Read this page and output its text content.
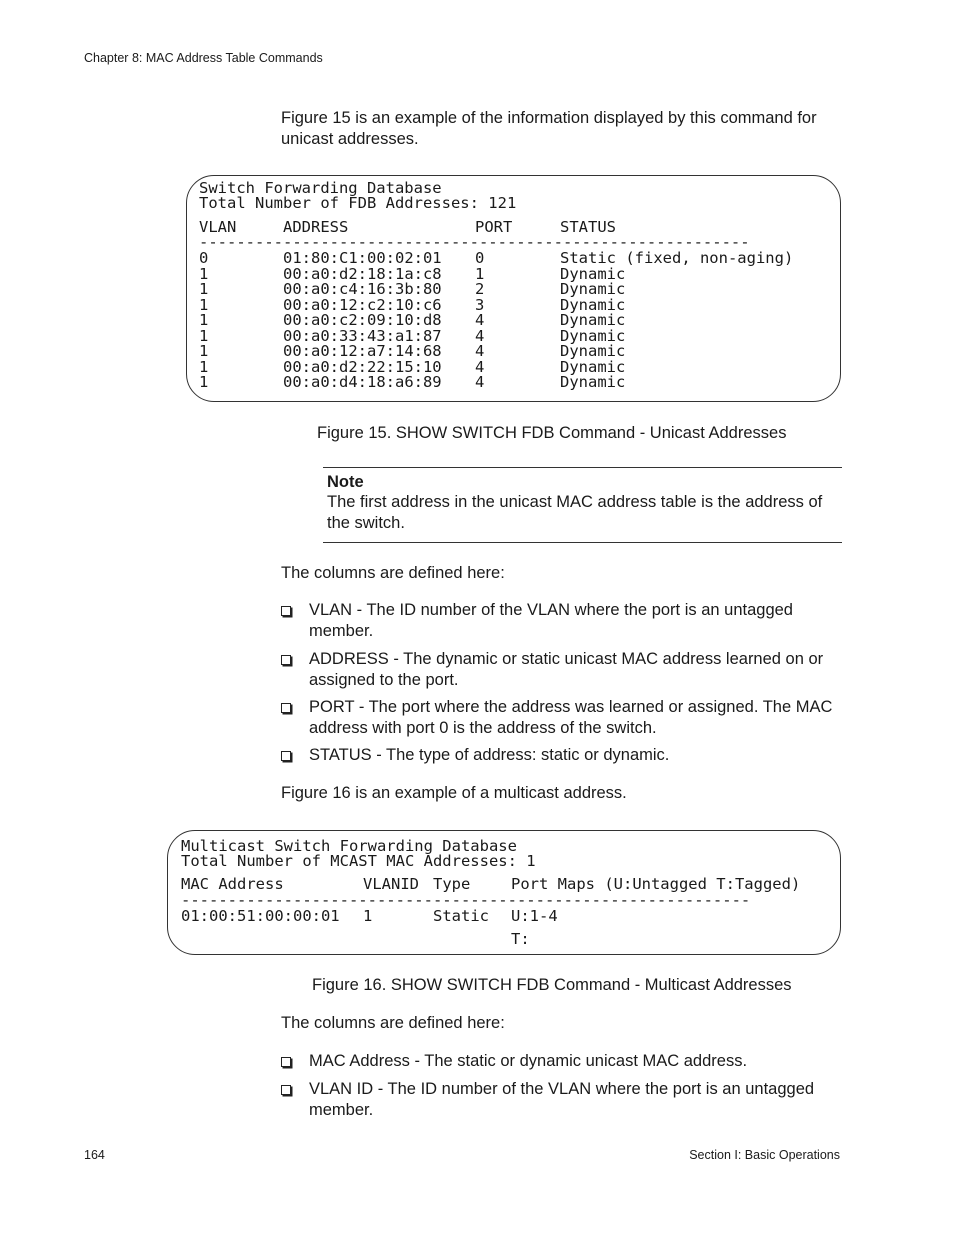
Chapter 8: MAC Address Table Commands
Figure 15 is an example of the information displayed by this command for unicast addresses.
Switch Forwarding Database
Total Number of FDB Addresses: 121
VLAN	ADDRESS	PORT	STATUS
-----------------------------------------------------------
0	01:80:C1:00:02:01 0	Static (fixed, non-aging)
1	00:a0:d2:18:1a:c8 1	Dynamic
1	00:a0:c4:16:3b:80 2	Dynamic
1	00:a0:12:c2:10:c6 3	Dynamic
1	00:a0:c2:09:10:d8 4	Dynamic
1	00:a0:33:43:a1:87 4	Dynamic
1	00:a0:12:a7:14:68 4	Dynamic
1	00:a0:d2:22:15:10 4	Dynamic
1	00:a0:d4:18:a6:89 4	Dynamic
Figure 15. SHOW SWITCH FDB Command - Unicast Addresses
Note
The first address in the unicast MAC address table is the address of the switch.
The columns are defined here:
VLAN - The ID number of the VLAN where the port is an untagged member.
ADDRESS - The dynamic or static unicast MAC address learned on or assigned to the port.
PORT - The port where the address was learned or assigned. The MAC address with port 0 is the address of the switch.
STATUS - The type of address: static or dynamic.
Figure 16 is an example of a multicast address.
Multicast Switch Forwarding Database
Total Number of MCAST MAC Addresses: 1
MAC Address	VLANID Type	Port Maps (U:Untagged T:Tagged)
-------------------------------------------------------------
01:00:51:00:00:01 1	Static U:1-4
T:
Figure 16. SHOW SWITCH FDB Command - Multicast Addresses
The columns are defined here:
MAC Address - The static or dynamic unicast MAC address.
VLAN ID - The ID number of the VLAN where the port is an untagged member.
164	Section I: Basic Operations
